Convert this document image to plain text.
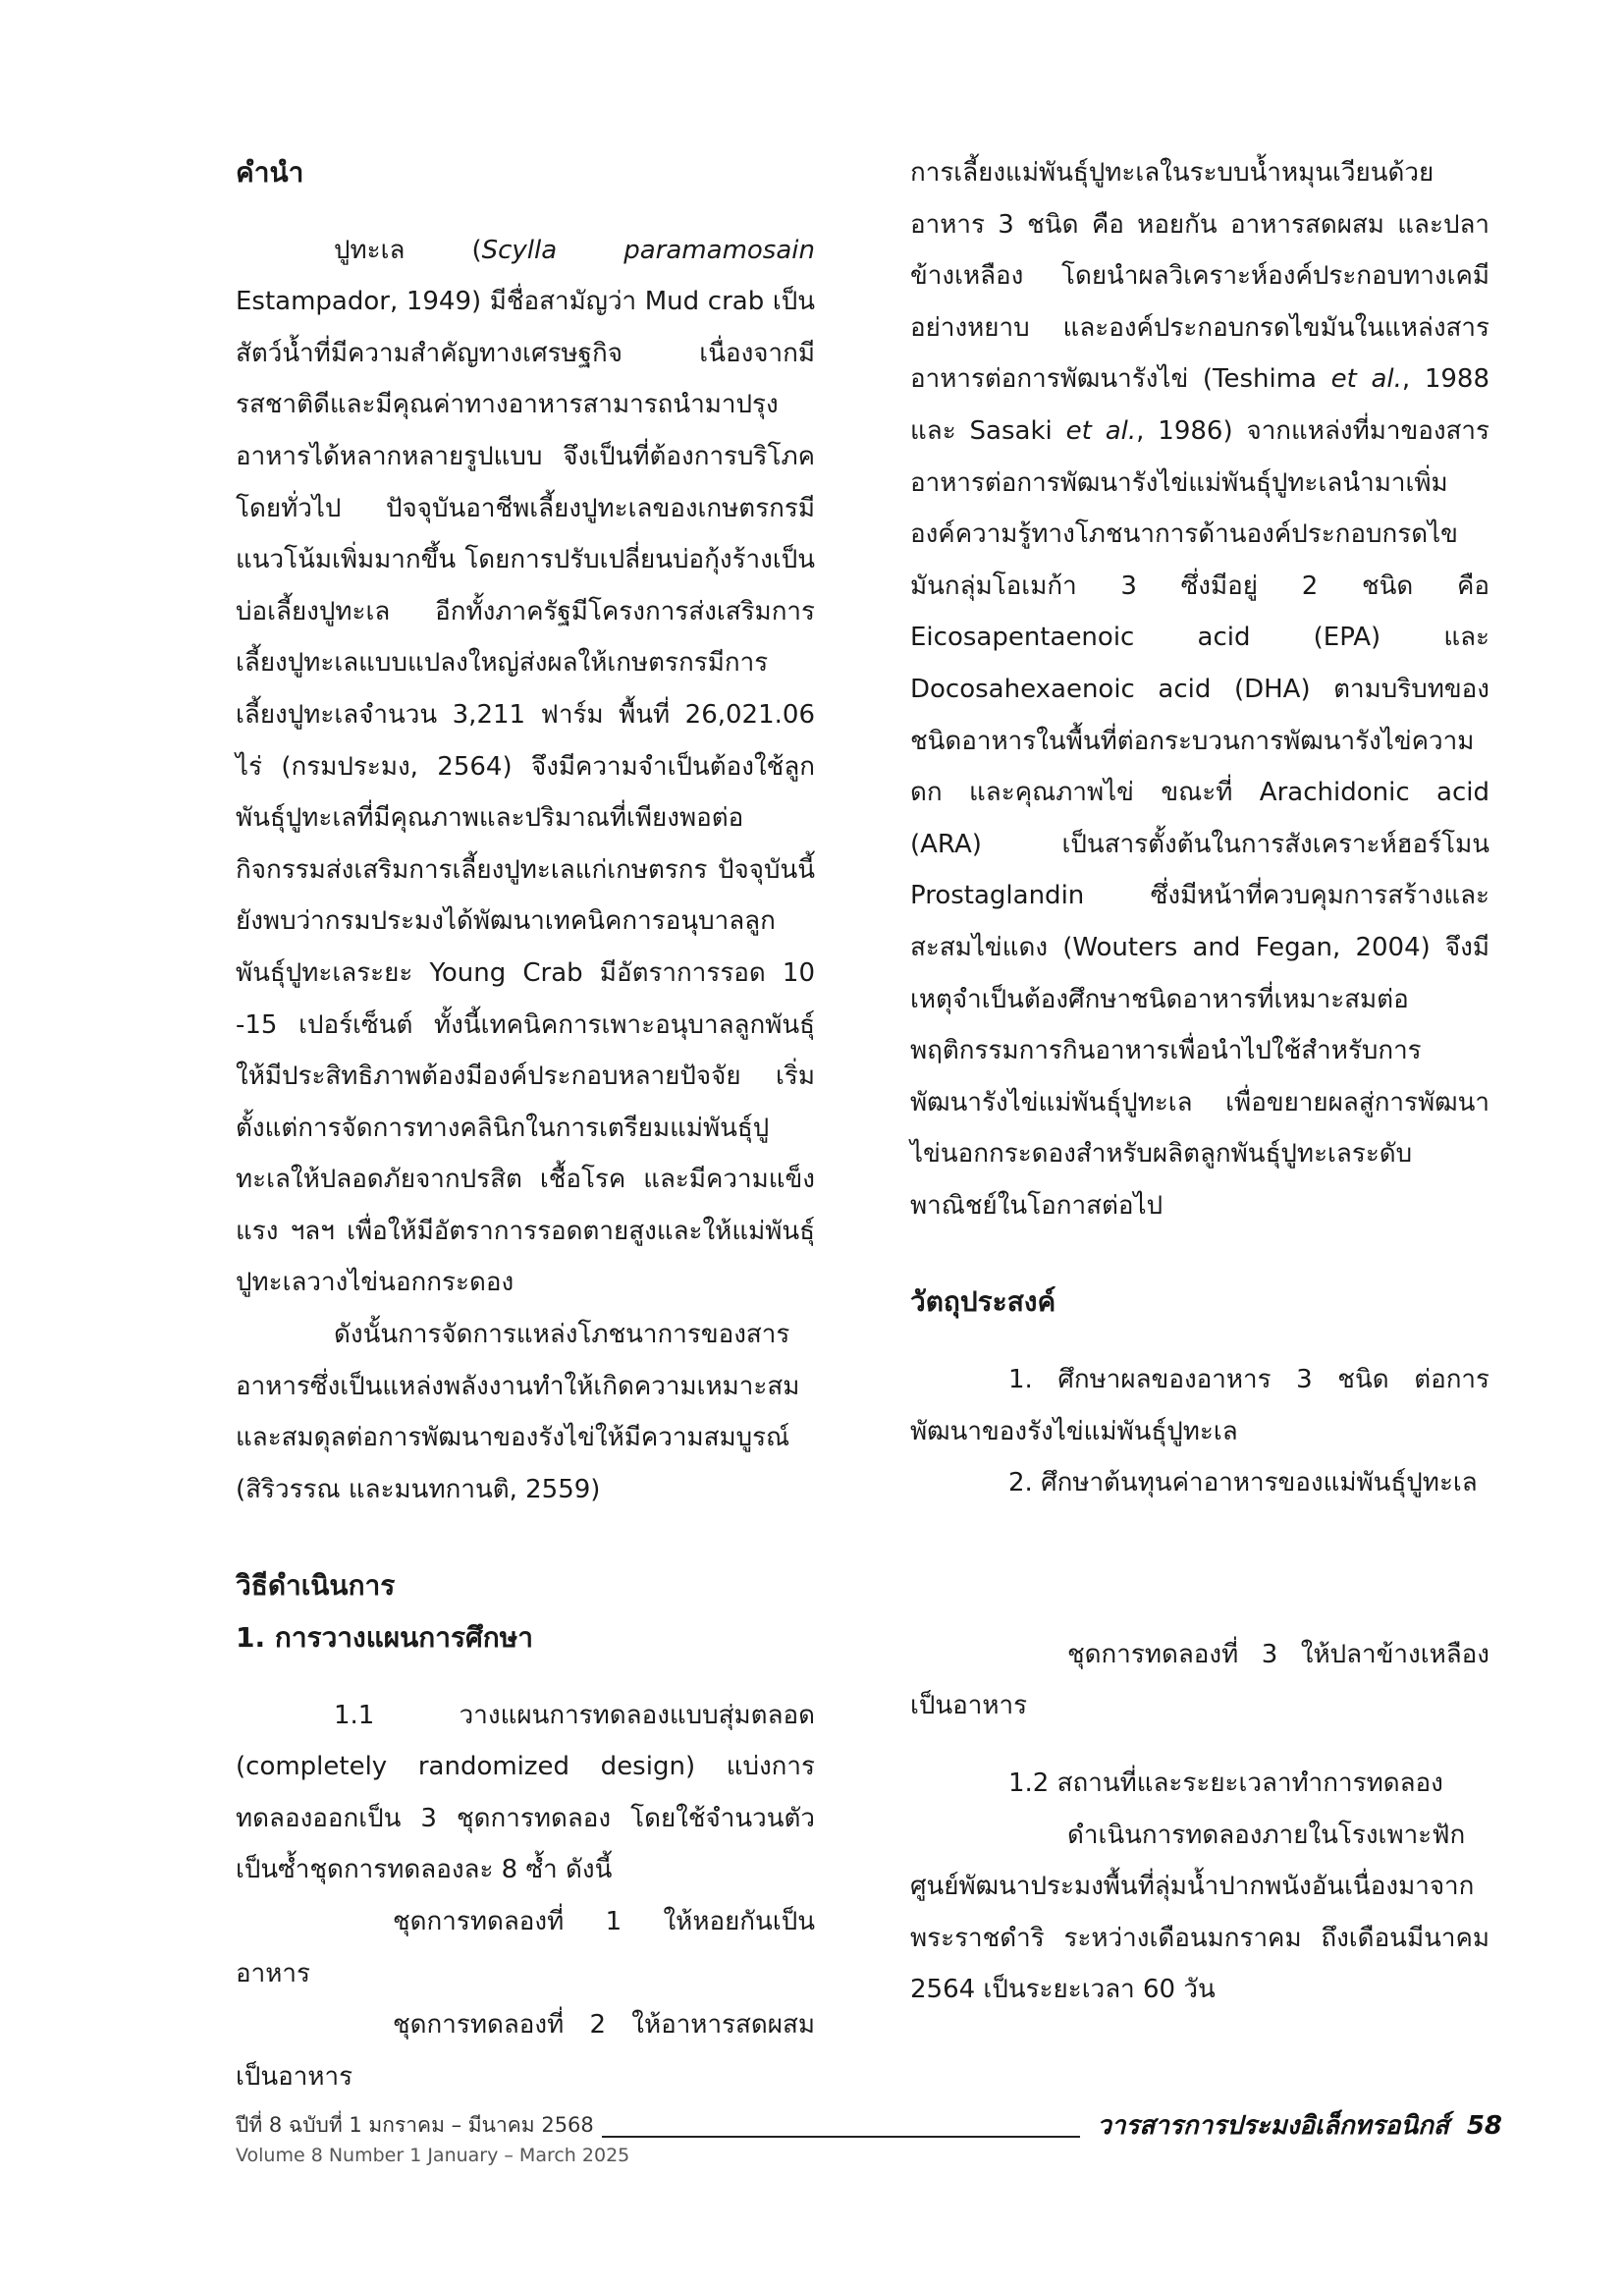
คำนำ

ปูทะเล (Scylla paramamosain Estampador, 1949) มีชื่อสามัญว่า Mud crab เป็นสัตว์น้ำที่มีความสำคัญทางเศรษฐกิจ เนื่องจากมีรสชาติดีและมีคุณค่าทางอาหารสามารถนำมาปรุงอาหารได้หลากหลายรูปแบบ จึงเป็นที่ต้องการบริโภคโดยทั่วไป ปัจจุบันอาชีพเลี้ยงปูทะเลของเกษตรกรมีแนวโน้มเพิ่มมากขึ้น โดยการปรับเปลี่ยนบ่อกุ้งร้างเป็นบ่อเลี้ยงปูทะเล อีกทั้งภาครัฐมีโครงการส่งเสริมการเลี้ยงปูทะเลแบบแปลงใหญ่ส่งผลให้เกษตรกรมีการเลี้ยงปูทะเลจำนวน 3,211 ฟาร์ม พื้นที่ 26,021.06 ไร่ (กรมประมง, 2564) จึงมีความจำเป็นต้องใช้ลูกพันธุ์ปูทะเลที่มีคุณภาพและปริมาณที่เพียงพอต่อกิจกรรมส่งเสริมการเลี้ยงปูทะเลแก่เกษตรกร ปัจจุบันนี้ยังพบว่ากรมประมงได้พัฒนาเทคนิคการอนุบาลลูกพันธุ์ปูทะเลระยะ Young Crab มีอัตราการรอด 10 -15 เปอร์เซ็นต์ ทั้งนี้เทคนิคการเพาะอนุบาลลูกพันธุ์ให้มีประสิทธิภาพต้องมีองค์ประกอบหลายปัจจัย เริ่มตั้งแต่การจัดการทางคลินิกในการเตรียมแม่พันธุ์ปูทะเลให้ปลอดภัยจากปรสิต เชื้อโรค และมีความแข็งแรง ฯลฯ เพื่อให้มีอัตราการรอดตายสูงและให้แม่พันธุ์ปูทะเลวางไข่นอกกระดอง

ดังนั้นการจัดการแหล่งโภชนาการของสารอาหารซึ่งเป็นแหล่งพลังงานทำให้เกิดความเหมาะสมและสมดุลต่อการพัฒนาของรังไข่ให้มีความสมบูรณ์ (สิริวรรณ และมนทกานติ, 2559)

วิธีดำเนินการ
1. การวางแผนการศึกษา

1.1 วางแผนการทดลองแบบสุ่มตลอด (completely randomized design) แบ่งการทดลองออกเป็น 3 ชุดการทดลอง โดยใช้จำนวนตัวเป็นซ้ำชุดการทดลองละ 8 ซ้ำ ดังนี้

ชุดการทดลองที่ 1 ให้หอยกันเป็นอาหาร

ชุดการทดลองที่ 2 ให้อาหารสดผสมเป็นอาหาร

การเลี้ยงแม่พันธุ์ปูทะเลในระบบน้ำหมุนเวียนด้วยอาหาร 3 ชนิด คือ หอยกัน อาหารสดผสม และปลาข้างเหลือง โดยนำผลวิเคราะห์องค์ประกอบทางเคมีอย่างหยาบ และองค์ประกอบกรดไขมันในแหล่งสารอาหารต่อการพัฒนารังไข่ (Teshima et al., 1988 และ Sasaki et al., 1986) จากแหล่งที่มาของสารอาหารต่อการพัฒนารังไข่แม่พันธุ์ปูทะเลนำมาเพิ่มองค์ความรู้ทางโภชนาการด้านองค์ประกอบกรดไขมันกลุ่มโอเมก้า 3 ซึ่งมีอยู่ 2 ชนิด คือ Eicosapentaenoic acid (EPA) และ Docosahexaenoic acid (DHA) ตามบริบทของชนิดอาหารในพื้นที่ต่อกระบวนการพัฒนารังไข่ความดก และคุณภาพไข่ ขณะที่ Arachidonic acid (ARA) เป็นสารตั้งต้นในการสังเคราะห์ฮอร์โมน Prostaglandin ซึ่งมีหน้าที่ควบคุมการสร้างและสะสมไข่แดง (Wouters and Fegan, 2004) จึงมีเหตุจำเป็นต้องศึกษาชนิดอาหารที่เหมาะสมต่อพฤติกรรมการกินอาหารเพื่อนำไปใช้สำหรับการพัฒนารังไข่แม่พันธุ์ปูทะเล เพื่อขยายผลสู่การพัฒนาไข่นอกกระดองสำหรับผลิตลูกพันธุ์ปูทะเลระดับพาณิชย์ในโอกาสต่อไป

วัตถุประสงค์

1. ศึกษาผลของอาหาร 3 ชนิด ต่อการพัฒนาของรังไข่แม่พันธุ์ปูทะเล

2. ศึกษาต้นทุนค่าอาหารของแม่พันธุ์ปูทะเล

ชุดการทดลองที่ 3 ให้ปลาข้างเหลืองเป็นอาหาร

1.2 สถานที่และระยะเวลาทำการทดลอง

ดำเนินการทดลองภายในโรงเพาะฟักศูนย์พัฒนาประมงพื้นที่ลุ่มน้ำปากพนังอันเนื่องมาจากพระราชดำริ ระหว่างเดือนมกราคม ถึงเดือนมีนาคม 2564 เป็นระยะเวลา 60 วัน

ปีที่ 8 ฉบับที่ 1 มกราคม – มีนาคม 2568
Volume 8 Number 1 January – March 2025
วารสารการประมงอิเล็กทรอนิกส์ 58
